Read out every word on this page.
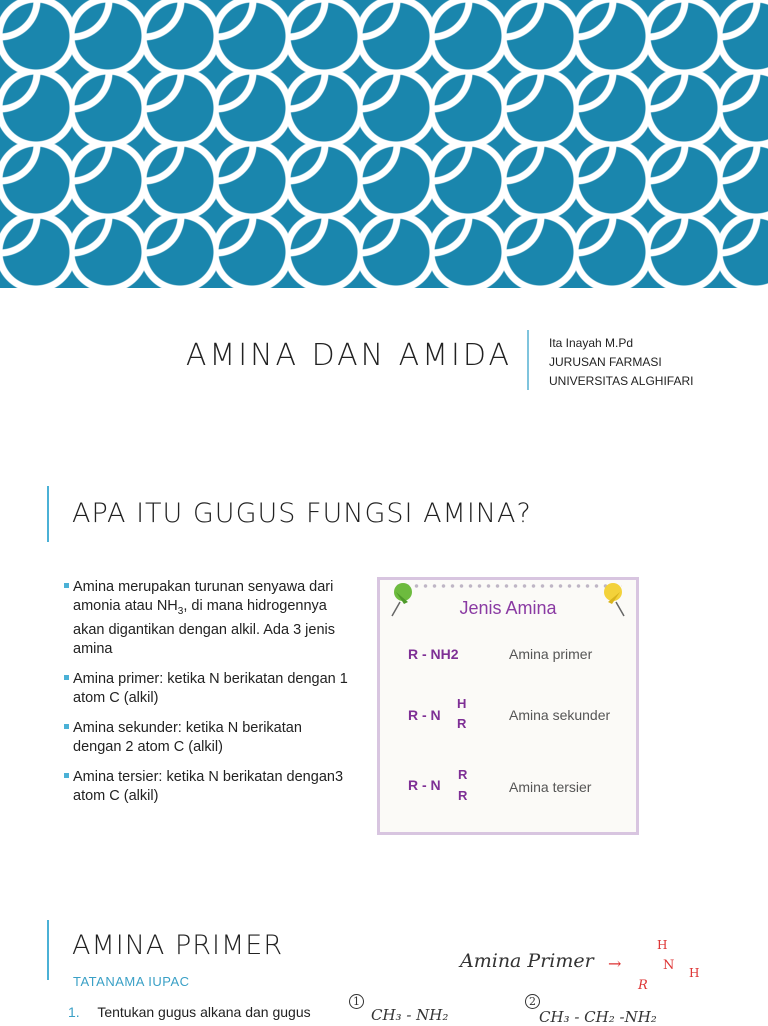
AMINA DAN AMIDA	Ita Inayah M.Pd
JURUSAN FARMASI
UNIVERSITAS ALGHIFARI
APA ITU GUGUS FUNGSI AMINA?
Amina merupakan turunan senyawa dari amonia atau $NH_3$, di mana hidrogennya akan digantikan dengan alkil. Ada 3 jenis amina
Amina primer: ketika N berikatan dengan 1 atom C (alkil)
Amina sekunder: ketika N berikatan dengan 2 atom C (alkil)
Amina tersier: ketika N berikatan dengan3 atom C (alkil)
Jenis Amina
R - NH2	Amina primer
R - N
H
R
Amina sekunder
R - N
R
R
Amina tersier
AMINA PRIMER
TATANAMA IUPAC
1. Tentukan gugus alkana dan gugus
Amina Primer →
H
N H
R
1
CH₃ - NH₂
2
CH₃ - CH₂ -NH₂
